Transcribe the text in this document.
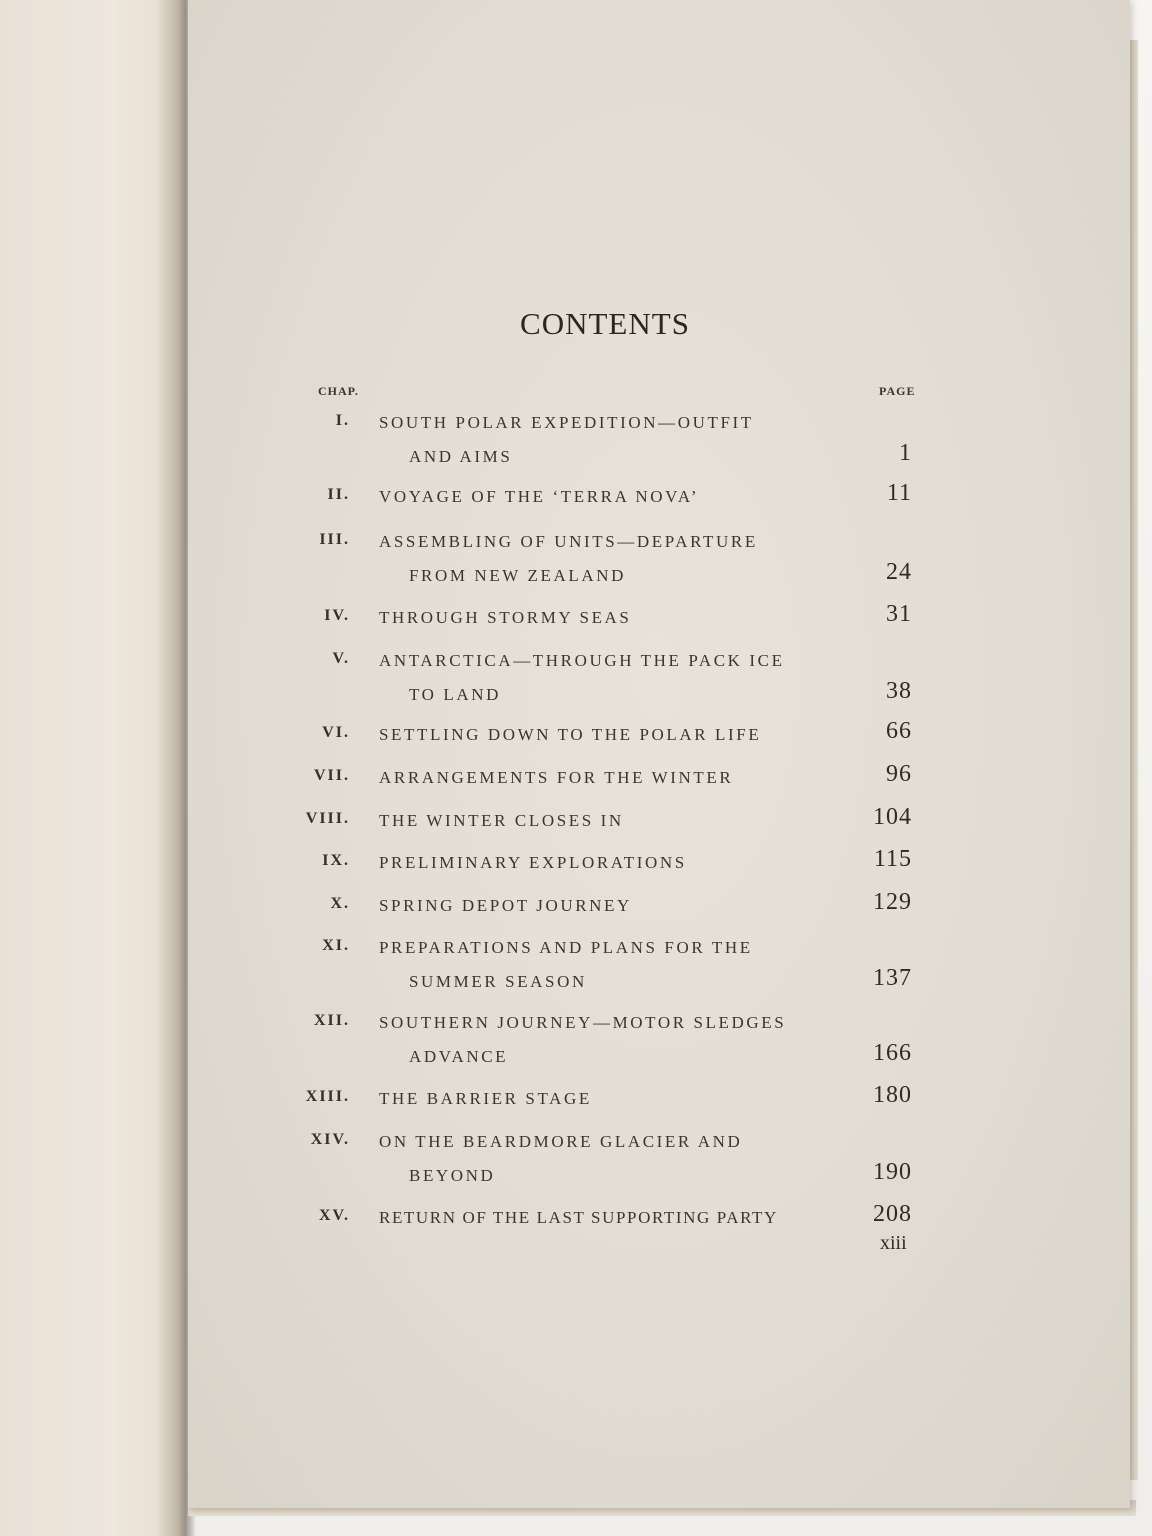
CONTENTS
CHAP.	PAGE
I. SOUTH POLAR EXPEDITION—OUTFIT
AND AIMS	1
II. VOYAGE OF THE ‘TERRA NOVA’	11
III. ASSEMBLING OF UNITS—DEPARTURE
FROM NEW ZEALAND	24
IV. THROUGH STORMY SEAS	31
V. ANTARCTICA—THROUGH THE PACK ICE
TO LAND	38
VI. SETTLING DOWN TO THE POLAR LIFE	66
VII. ARRANGEMENTS FOR THE WINTER	96
VIII. THE WINTER CLOSES IN	104
IX. PRELIMINARY EXPLORATIONS	115
X. SPRING DEPOT JOURNEY	129
XI. PREPARATIONS AND PLANS FOR THE
SUMMER SEASON	137
XII. SOUTHERN JOURNEY—MOTOR SLEDGES
ADVANCE	166
XIII. THE BARRIER STAGE	180
XIV. ON THE BEARDMORE GLACIER AND
BEYOND	190
XV. RETURN OF THE LAST SUPPORTING PARTY	208
xiii
